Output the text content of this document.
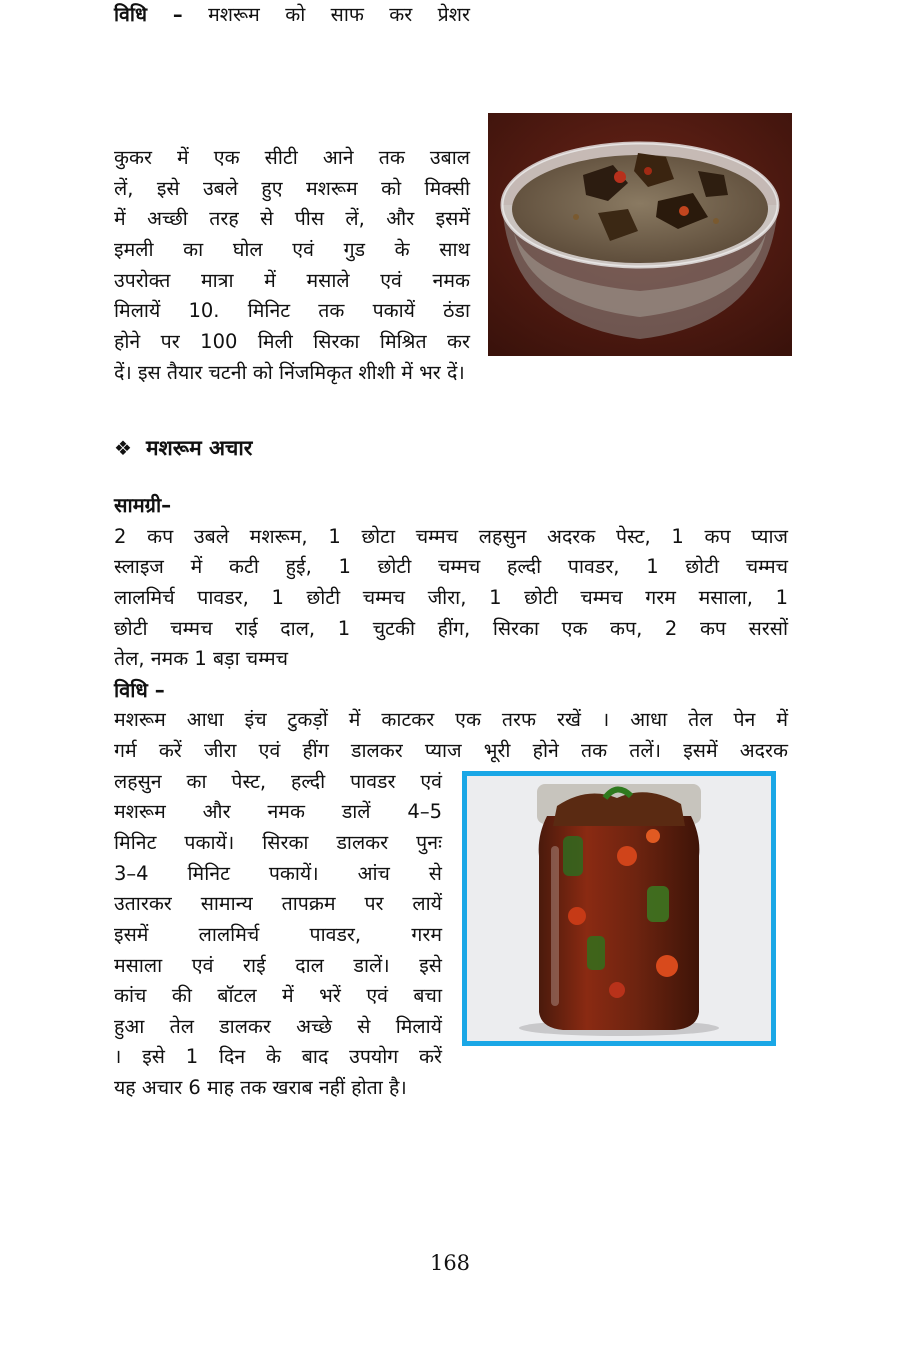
विधि – मशरूम को साफ कर प्रेशर
कुकर में एक सीटी आने तक उबाल
लें, इसे उबले हुए मशरूम को मिक्सी
में अच्छी तरह से पीस लें, और इसमें
इमली का घोल एवं गुड के साथ
उपरोक्त मात्रा में मसाले एवं नमक
मिलायें 10. मिनिट तक पकायें ठंडा
होने पर 100 मिली सिरका मिश्रित कर
दें। इस तैयार चटनी को निंजमिकृत शीशी में भर दें।
❖ मशरूम अचार
सामग्री–
2 कप उबले मशरूम, 1 छोटा चम्मच लहसुन अदरक पेस्ट, 1 कप प्याज
स्लाइज में कटी हुई, 1 छोटी चम्मच हल्दी पावडर, 1 छोटी चम्मच
लालमिर्च पावडर, 1 छोटी चम्मच जीरा, 1 छोटी चम्मच गरम मसाला, 1
छोटी चम्मच राई दाल, 1 चुटकी हींग, सिरका एक कप, 2 कप सरसों
तेल, नमक 1 बड़ा चम्मच
विधि –
मशरूम आधा इंच टुकड़ों में काटकर एक तरफ रखें । आधा तेल पेन में
गर्म करें जीरा एवं हींग डालकर प्याज भूरी होने तक तलें। इसमें अदरक
लहसुन का पेस्ट, हल्दी पावडर एवं
मशरूम और नमक डालें 4–5
मिनिट पकायें। सिरका डालकर पुनः
3–4 मिनिट पकायें। आंच से
उतारकर सामान्य तापक्रम पर लायें
इसमें लालमिर्च पावडर, गरम
मसाला एवं राई दाल डालें। इसे
कांच की बॉटल में भरें एवं बचा
हुआ तेल डालकर अच्छे से मिलायें
। इसे 1 दिन के बाद उपयोग करें
यह अचार 6 माह तक खराब नहीं होता है।
168
